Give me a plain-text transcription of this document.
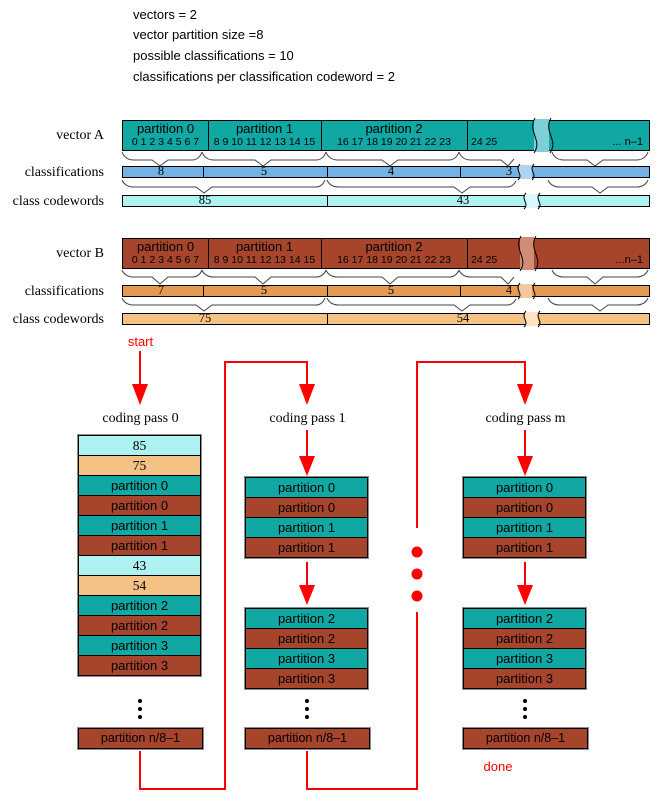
vectors = 2
vector partition size =8
possible classifications = 10
classifications per classification codeword = 2
vector A	partition 0	partition 1	partition 2
0 1 2 3 4 5 6 7	8 9 10 11 12 13 14 15	16 17 18 19 20 21 22 23	24 25	... n–1
classifications	8	5	4	3
class codewords	85	43
vector B	partition 0	partition 1	partition 2
0 1 2 3 4 5 6 7	8 9 10 11 12 13 14 15	16 17 18 19 20 21 22 23	24 25	...n–1
classifications	7	5	5	4
class codewords	75	54
start
done
coding pass 0
85
75
partition 0
partition 0
partition 1
partition 1
43
54
partition 2
partition 2
partition 3
partition 3
partition n/8–1
coding pass 1
partition 0
partition 0
partition 1
partition 1
partition 2
partition 2
partition 3
partition 3
partition n/8–1
coding pass m
partition 0
partition 0
partition 1
partition 1
partition 2
partition 2
partition 3
partition 3
partition n/8–1
